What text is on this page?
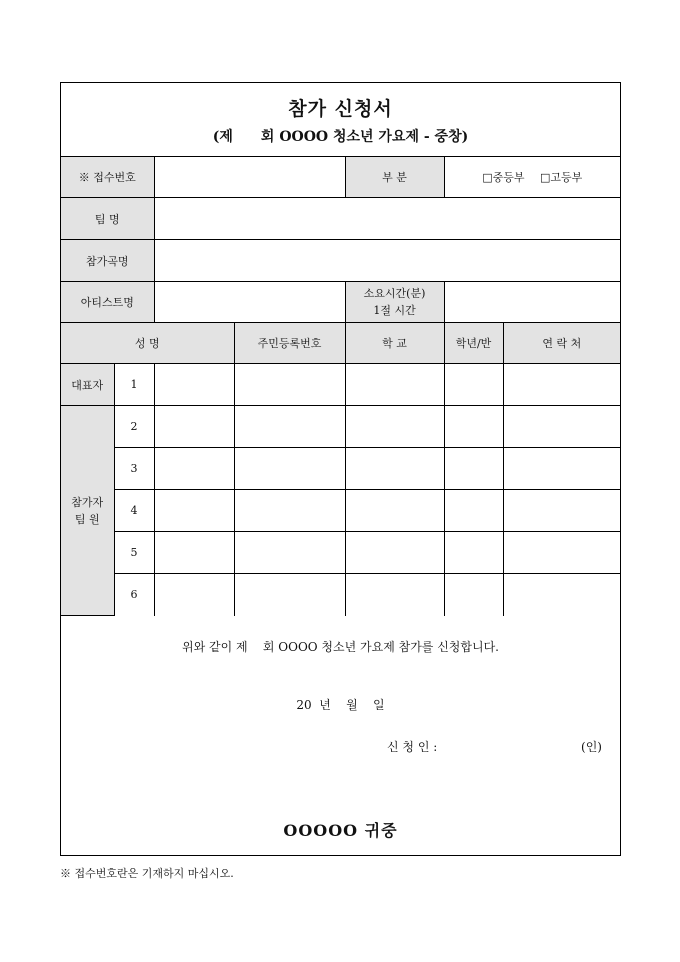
참가 신청서
(제 회 OOOO 청소년 가요제 - 중창)
※ 접수번호				부 분	□중등부 □고등부	
팀 명						
참가곡명						
아티스트명				소요시간(분)
1절 시간		

성 명			주민등록번호	학 교	학년/반	연 락 처
대표자	1					

참가자
팀 원	2					
	3					
	4					
	5					
	6					
위와 같이 제    회 OOOO 청소년 가요제 참가를 신청합니다.
20  년    월    일
신 청 인 :	(인)
OOOOO 귀중
※ 접수번호란은 기재하지 마십시오.
